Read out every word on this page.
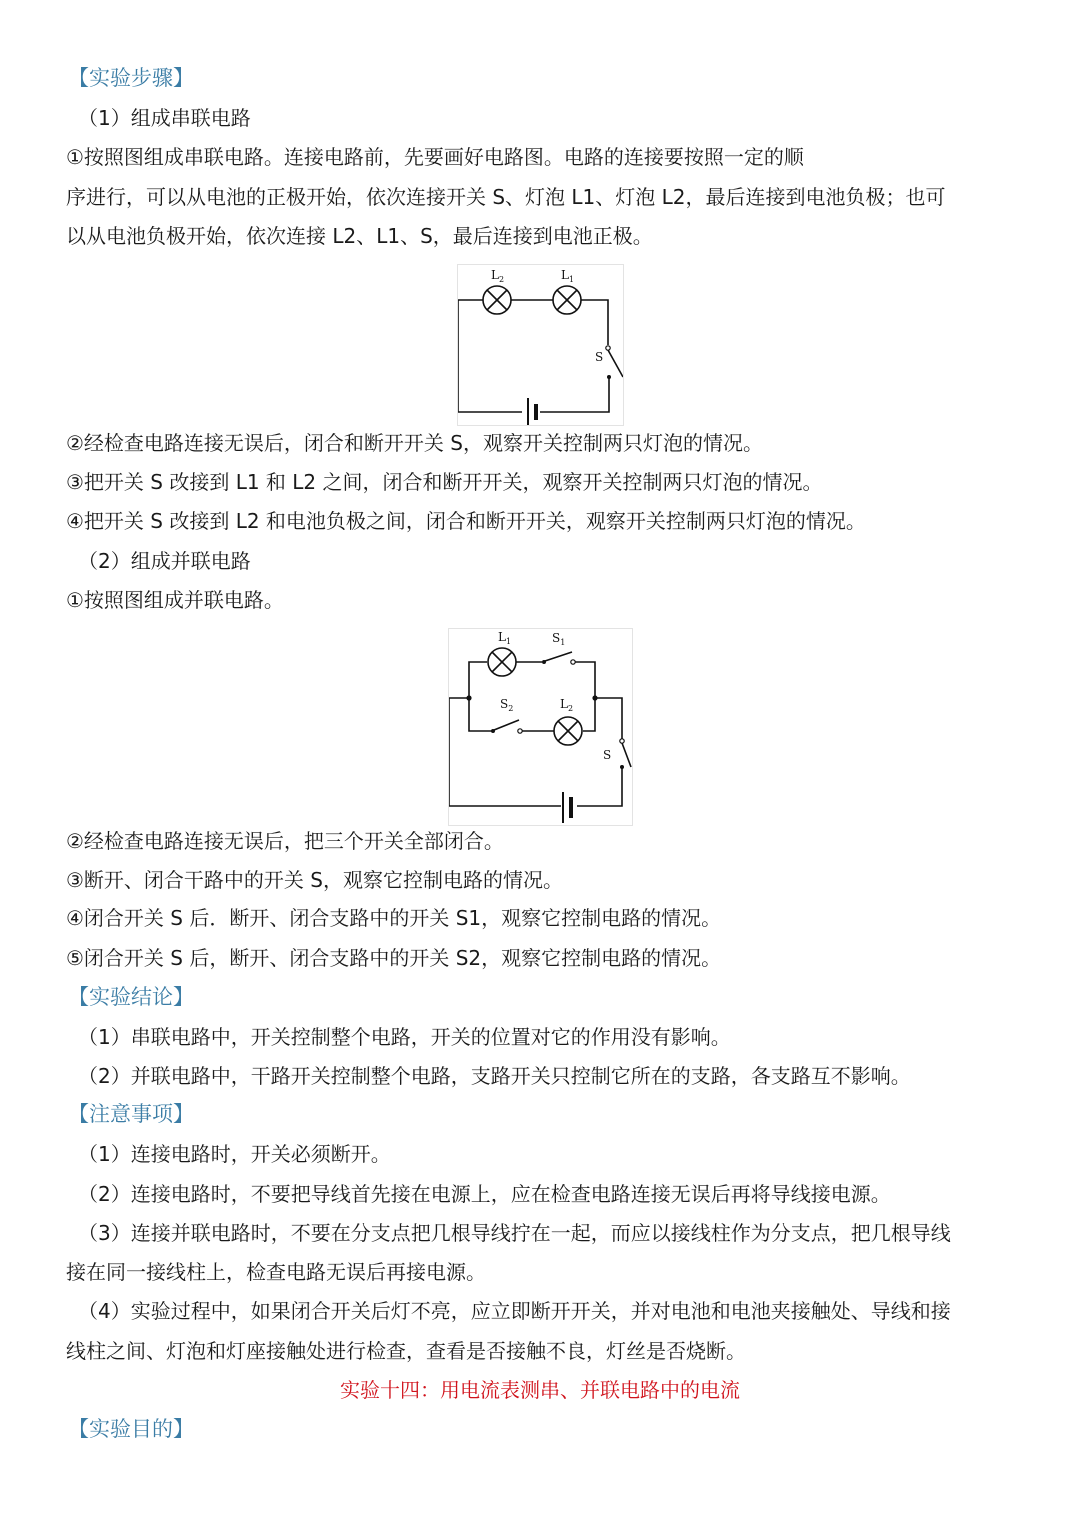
【实验步骤】
（1）组成串联电路
①按照图组成串联电路。连接电路前，先要画好电路图。电路的连接要按照一定的顺
序进行，可以从电池的正极开始，依次连接开关 S、灯泡 L1、灯泡 L2，最后连接到电池负极；也可
以从电池负极开始，依次连接 L2、L1、S，最后连接到电池正极。
$L_2$	$L_1$
S
②经检查电路连接无误后，闭合和断开开关 S，观察开关控制两只灯泡的情况。
③把开关 S 改接到 L1 和 L2 之间，闭合和断开开关，观察开关控制两只灯泡的情况。
④把开关 S 改接到 L2 和电池负极之间，闭合和断开开关，观察开关控制两只灯泡的情况。
（2）组成并联电路
①按照图组成并联电路。
$L_1$	$S_1$
$S_2$	$L_2$
S
②经检查电路连接无误后，把三个开关全部闭合。
③断开、闭合干路中的开关 S，观察它控制电路的情况。
④闭合开关 S 后．断开、闭合支路中的开关 S1，观察它控制电路的情况。
⑤闭合开关 S 后，断开、闭合支路中的开关 S2，观察它控制电路的情况。
【实验结论】
（1）串联电路中，开关控制整个电路，开关的位置对它的作用没有影响。
（2）并联电路中，干路开关控制整个电路，支路开关只控制它所在的支路，各支路互不影响。
【注意事项】
（1）连接电路时，开关必须断开。
（2）连接电路时，不要把导线首先接在电源上，应在检查电路连接无误后再将导线接电源。
（3）连接并联电路时，不要在分支点把几根导线拧在一起，而应以接线柱作为分支点，把几根导线
接在同一接线柱上，检查电路无误后再接电源。
（4）实验过程中，如果闭合开关后灯不亮，应立即断开开关，并对电池和电池夹接触处、导线和接
线柱之间、灯泡和灯座接触处进行检查，查看是否接触不良，灯丝是否烧断。
实验十四：用电流表测串、并联电路中的电流
【实验目的】
